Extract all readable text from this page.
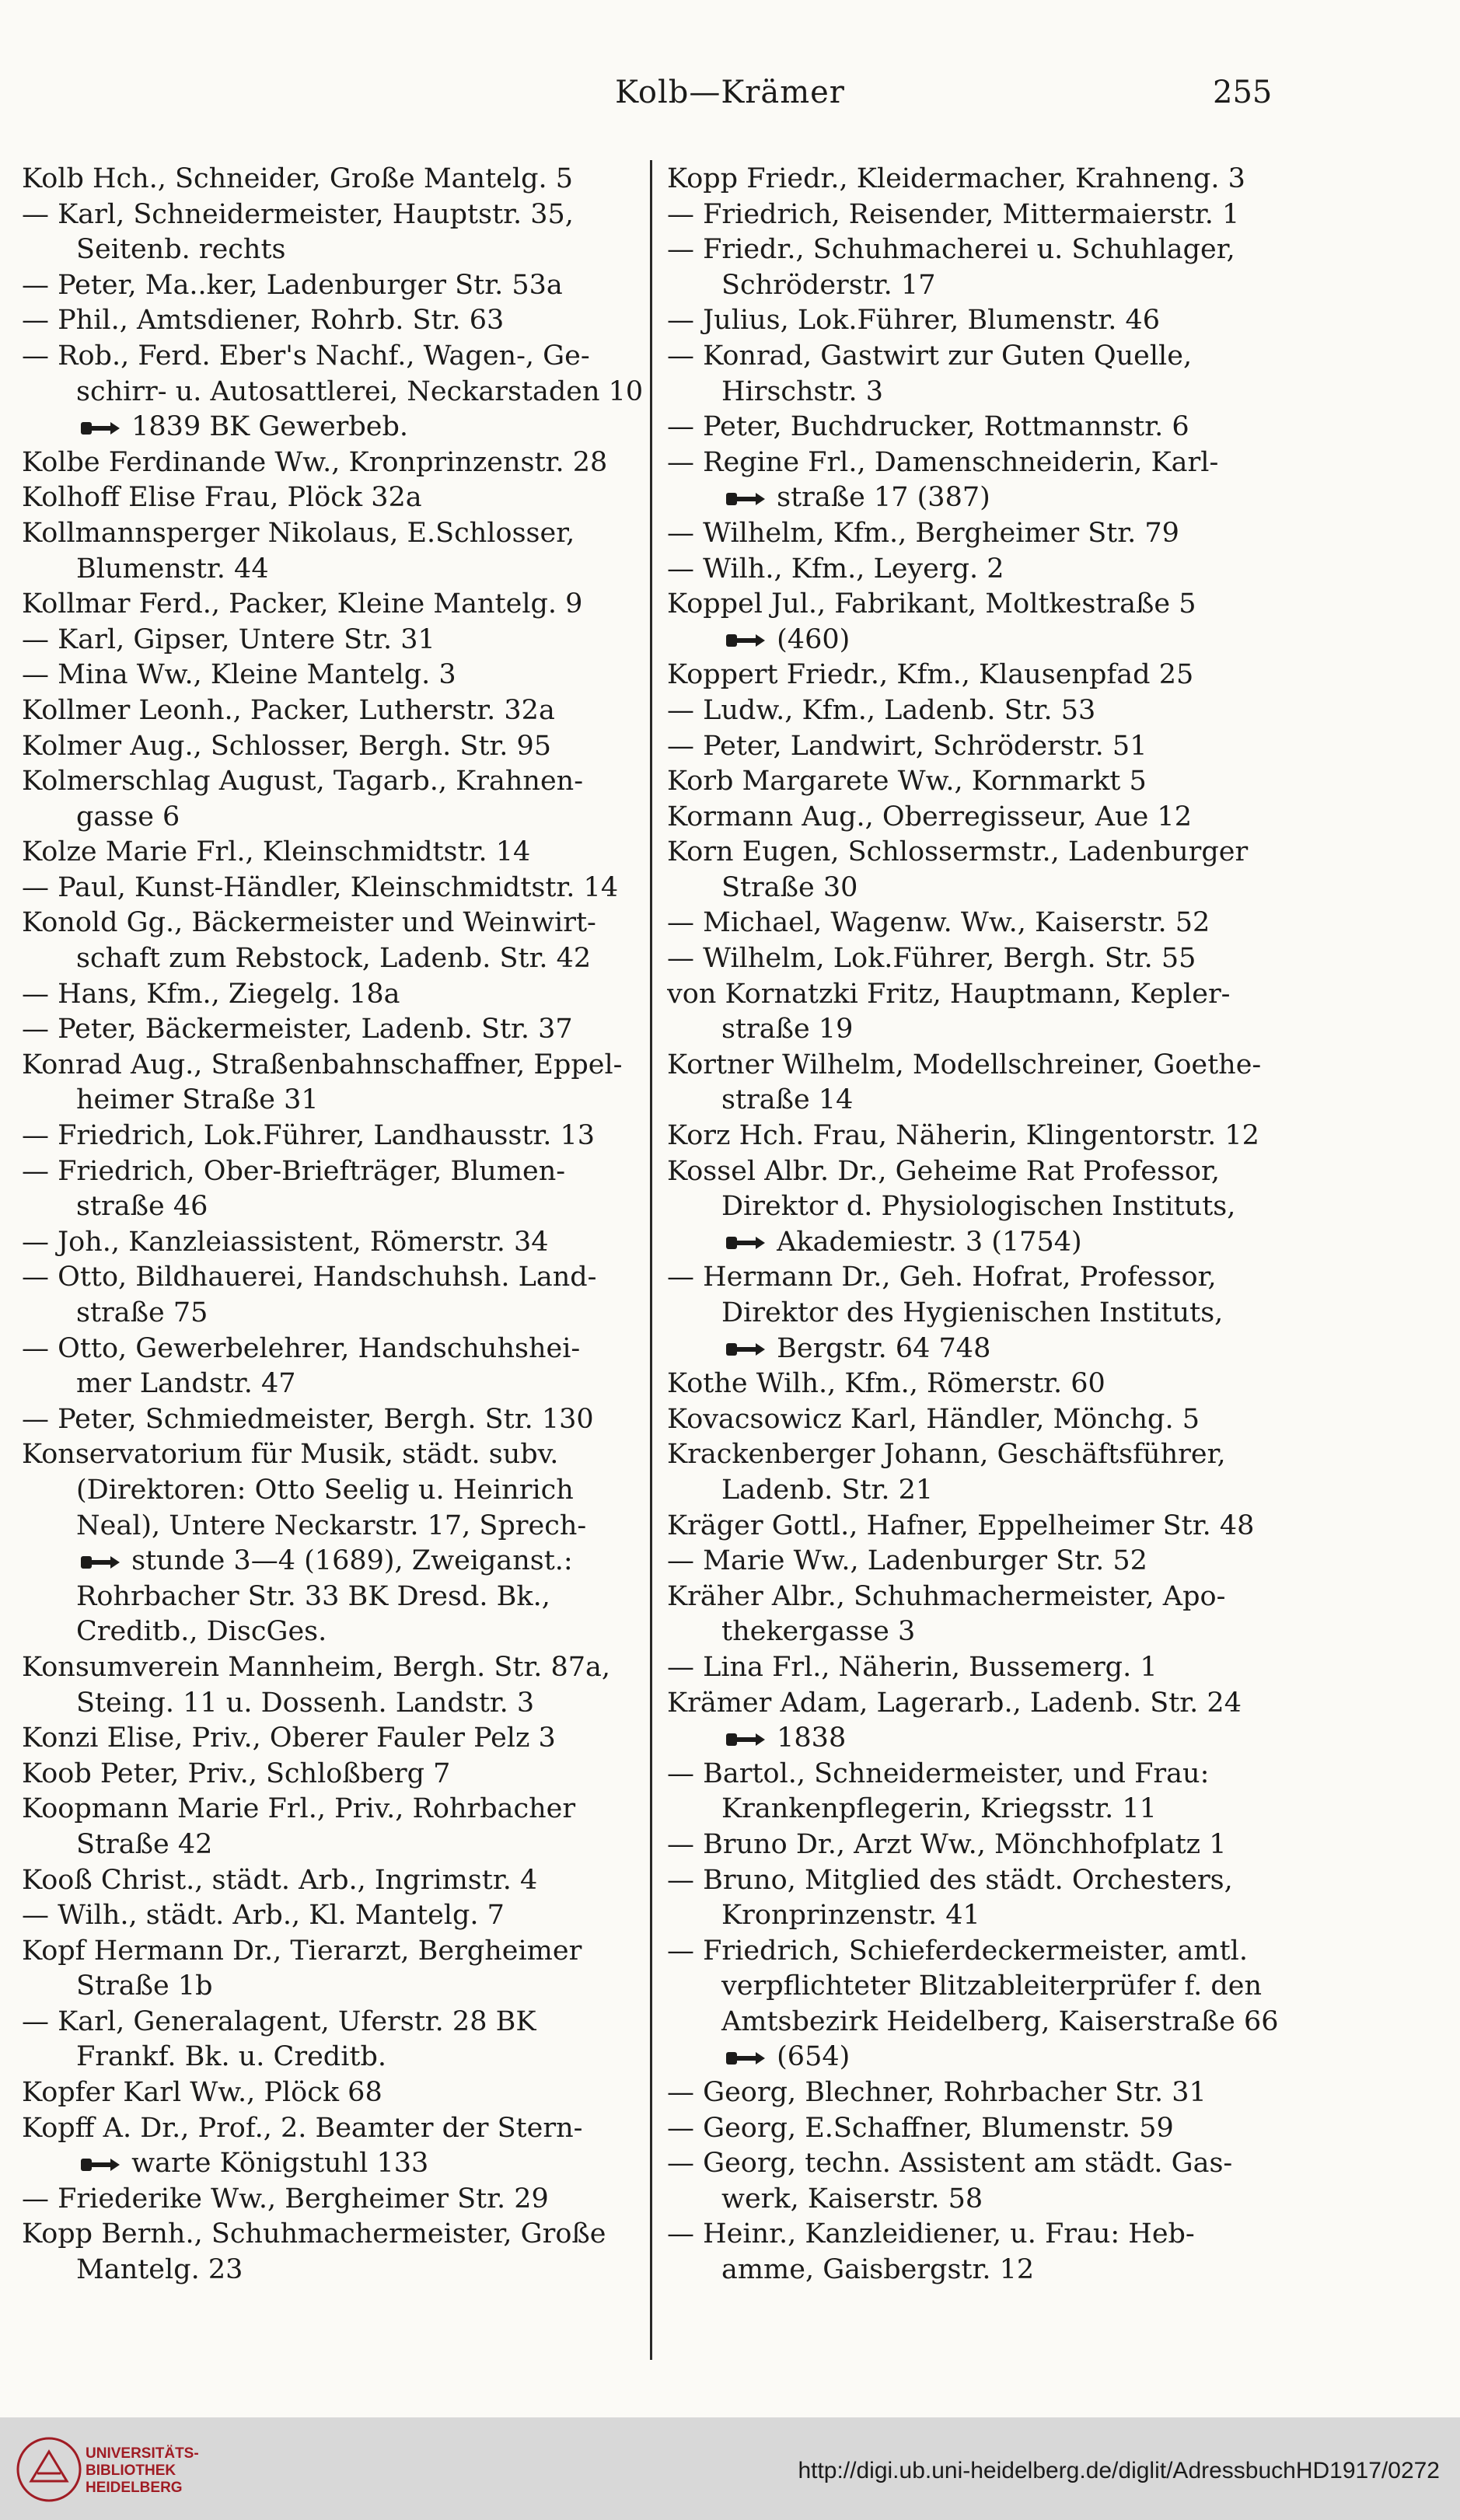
Kolb—Krämer	255
Kolb Hch., Schneider, Große Mantelg. 5
— Karl, Schneidermeister, Hauptstr. 35,
Seitenb. rechts
— Peter, Ma..ker, Ladenburger Str. 53a
— Phil., Amtsdiener, Rohrb. Str. 63
— Rob., Ferd. Eber's Nachf., Wagen-, Ge-
schirr- u. Autosattlerei, Neckarstaden 10
1839 BK Gewerbeb.
Kolbe Ferdinande Ww., Kronprinzenstr. 28
Kolhoff Elise Frau, Plöck 32a
Kollmannsperger Nikolaus, E.Schlosser,
Blumenstr. 44
Kollmar Ferd., Packer, Kleine Mantelg. 9
— Karl, Gipser, Untere Str. 31
— Mina Ww., Kleine Mantelg. 3
Kollmer Leonh., Packer, Lutherstr. 32a
Kolmer Aug., Schlosser, Bergh. Str. 95
Kolmerschlag August, Tagarb., Krahnen-
gasse 6
Kolze Marie Frl., Kleinschmidtstr. 14
— Paul, Kunst-Händler, Kleinschmidtstr. 14
Konold Gg., Bäckermeister und Weinwirt-
schaft zum Rebstock, Ladenb. Str. 42
— Hans, Kfm., Ziegelg. 18a
— Peter, Bäckermeister, Ladenb. Str. 37
Konrad Aug., Straßenbahnschaffner, Eppel-
heimer Straße 31
— Friedrich, Lok.Führer, Landhausstr. 13
— Friedrich, Ober-Briefträger, Blumen-
straße 46
— Joh., Kanzleiassistent, Römerstr. 34
— Otto, Bildhauerei, Handschuhsh. Land-
straße 75
— Otto, Gewerbelehrer, Handschuhshei-
mer Landstr. 47
— Peter, Schmiedmeister, Bergh. Str. 130
Konservatorium für Musik, städt. subv.
(Direktoren: Otto Seelig u. Heinrich
Neal), Untere Neckarstr. 17, Sprech-
stunde 3—4 (1689), Zweiganst.:
Rohrbacher Str. 33 BK Dresd. Bk.,
Creditb., DiscGes.
Konsumverein Mannheim, Bergh. Str. 87a,
Steing. 11 u. Dossenh. Landstr. 3
Konzi Elise, Priv., Oberer Fauler Pelz 3
Koob Peter, Priv., Schloßberg 7
Koopmann Marie Frl., Priv., Rohrbacher
Straße 42
Kooß Christ., städt. Arb., Ingrimstr. 4
— Wilh., städt. Arb., Kl. Mantelg. 7
Kopf Hermann Dr., Tierarzt, Bergheimer
Straße 1b
— Karl, Generalagent, Uferstr. 28 BK
Frankf. Bk. u. Creditb.
Kopfer Karl Ww., Plöck 68
Kopff A. Dr., Prof., 2. Beamter der Stern-
warte Königstuhl 133
— Friederike Ww., Bergheimer Str. 29
Kopp Bernh., Schuhmachermeister, Große
Mantelg. 23
Kopp Friedr., Kleidermacher, Krahneng. 3
— Friedrich, Reisender, Mittermaierstr. 1
— Friedr., Schuhmacherei u. Schuhlager,
Schröderstr. 17
— Julius, Lok.Führer, Blumenstr. 46
— Konrad, Gastwirt zur Guten Quelle,
Hirschstr. 3
— Peter, Buchdrucker, Rottmannstr. 6
— Regine Frl., Damenschneiderin, Karl-
straße 17 (387)
— Wilhelm, Kfm., Bergheimer Str. 79
— Wilh., Kfm., Leyerg. 2
Koppel Jul., Fabrikant, Moltkestraße 5
(460)
Koppert Friedr., Kfm., Klausenpfad 25
— Ludw., Kfm., Ladenb. Str. 53
— Peter, Landwirt, Schröderstr. 51
Korb Margarete Ww., Kornmarkt 5
Kormann Aug., Oberregisseur, Aue 12
Korn Eugen, Schlossermstr., Ladenburger
Straße 30
— Michael, Wagenw. Ww., Kaiserstr. 52
— Wilhelm, Lok.Führer, Bergh. Str. 55
von Kornatzki Fritz, Hauptmann, Kepler-
straße 19
Kortner Wilhelm, Modellschreiner, Goethe-
straße 14
Korz Hch. Frau, Näherin, Klingentorstr. 12
Kossel Albr. Dr., Geheime Rat Professor,
Direktor d. Physiologischen Instituts,
Akademiestr. 3 (1754)
— Hermann Dr., Geh. Hofrat, Professor,
Direktor des Hygienischen Instituts,
Bergstr. 64 748
Kothe Wilh., Kfm., Römerstr. 60
Kovacsowicz Karl, Händler, Mönchg. 5
Krackenberger Johann, Geschäftsführer,
Ladenb. Str. 21
Kräger Gottl., Hafner, Eppelheimer Str. 48
— Marie Ww., Ladenburger Str. 52
Kräher Albr., Schuhmachermeister, Apo-
thekergasse 3
— Lina Frl., Näherin, Bussemerg. 1
Krämer Adam, Lagerarb., Ladenb. Str. 24
1838
— Bartol., Schneidermeister, und Frau:
Krankenpflegerin, Kriegsstr. 11
— Bruno Dr., Arzt Ww., Mönchhofplatz 1
— Bruno, Mitglied des städt. Orchesters,
Kronprinzenstr. 41
— Friedrich, Schieferdeckermeister, amtl.
verpflichteter Blitzableiterprüfer f. den
Amtsbezirk Heidelberg, Kaiserstraße 66
(654)
— Georg, Blechner, Rohrbacher Str. 31
— Georg, E.Schaffner, Blumenstr. 59
— Georg, techn. Assistent am städt. Gas-
werk, Kaiserstr. 58
— Heinr., Kanzleidiener, u. Frau: Heb-
amme, Gaisbergstr. 12
UNIVERSITÄTS-
BIBLIOTHEK
HEIDELBERG
http://digi.ub.uni-heidelberg.de/diglit/AdressbuchHD1917/0272
